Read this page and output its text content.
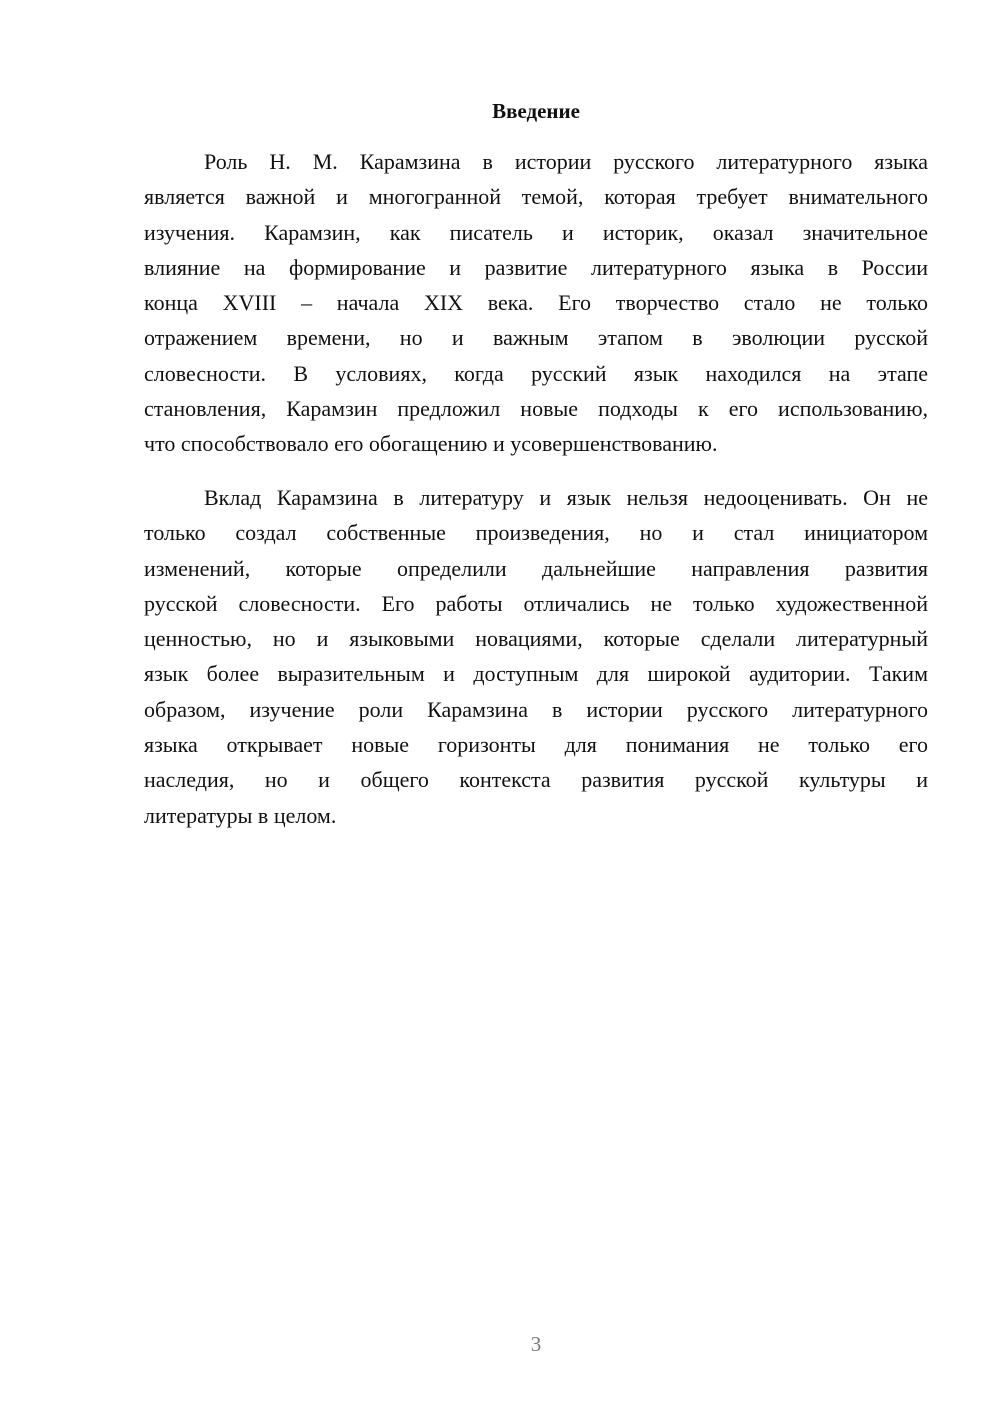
Введение
Роль Н. М. Карамзина в истории русского литературного языка
является важной и многогранной темой, которая требует внимательного
изучения. Карамзин, как писатель и историк, оказал значительное
влияние на формирование и развитие литературного языка в России
конца XVIII – начала XIX века. Его творчество стало не только
отражением времени, но и важным этапом в эволюции русской
словесности. В условиях, когда русский язык находился на этапе
становления, Карамзин предложил новые подходы к его использованию,
что способствовало его обогащению и усовершенствованию.
Вклад Карамзина в литературу и язык нельзя недооценивать. Он не
только создал собственные произведения, но и стал инициатором
изменений, которые определили дальнейшие направления развития
русской словесности. Его работы отличались не только художественной
ценностью, но и языковыми новациями, которые сделали литературный
язык более выразительным и доступным для широкой аудитории. Таким
образом, изучение роли Карамзина в истории русского литературного
языка открывает новые горизонты для понимания не только его
наследия, но и общего контекста развития русской культуры и
литературы в целом.

3
